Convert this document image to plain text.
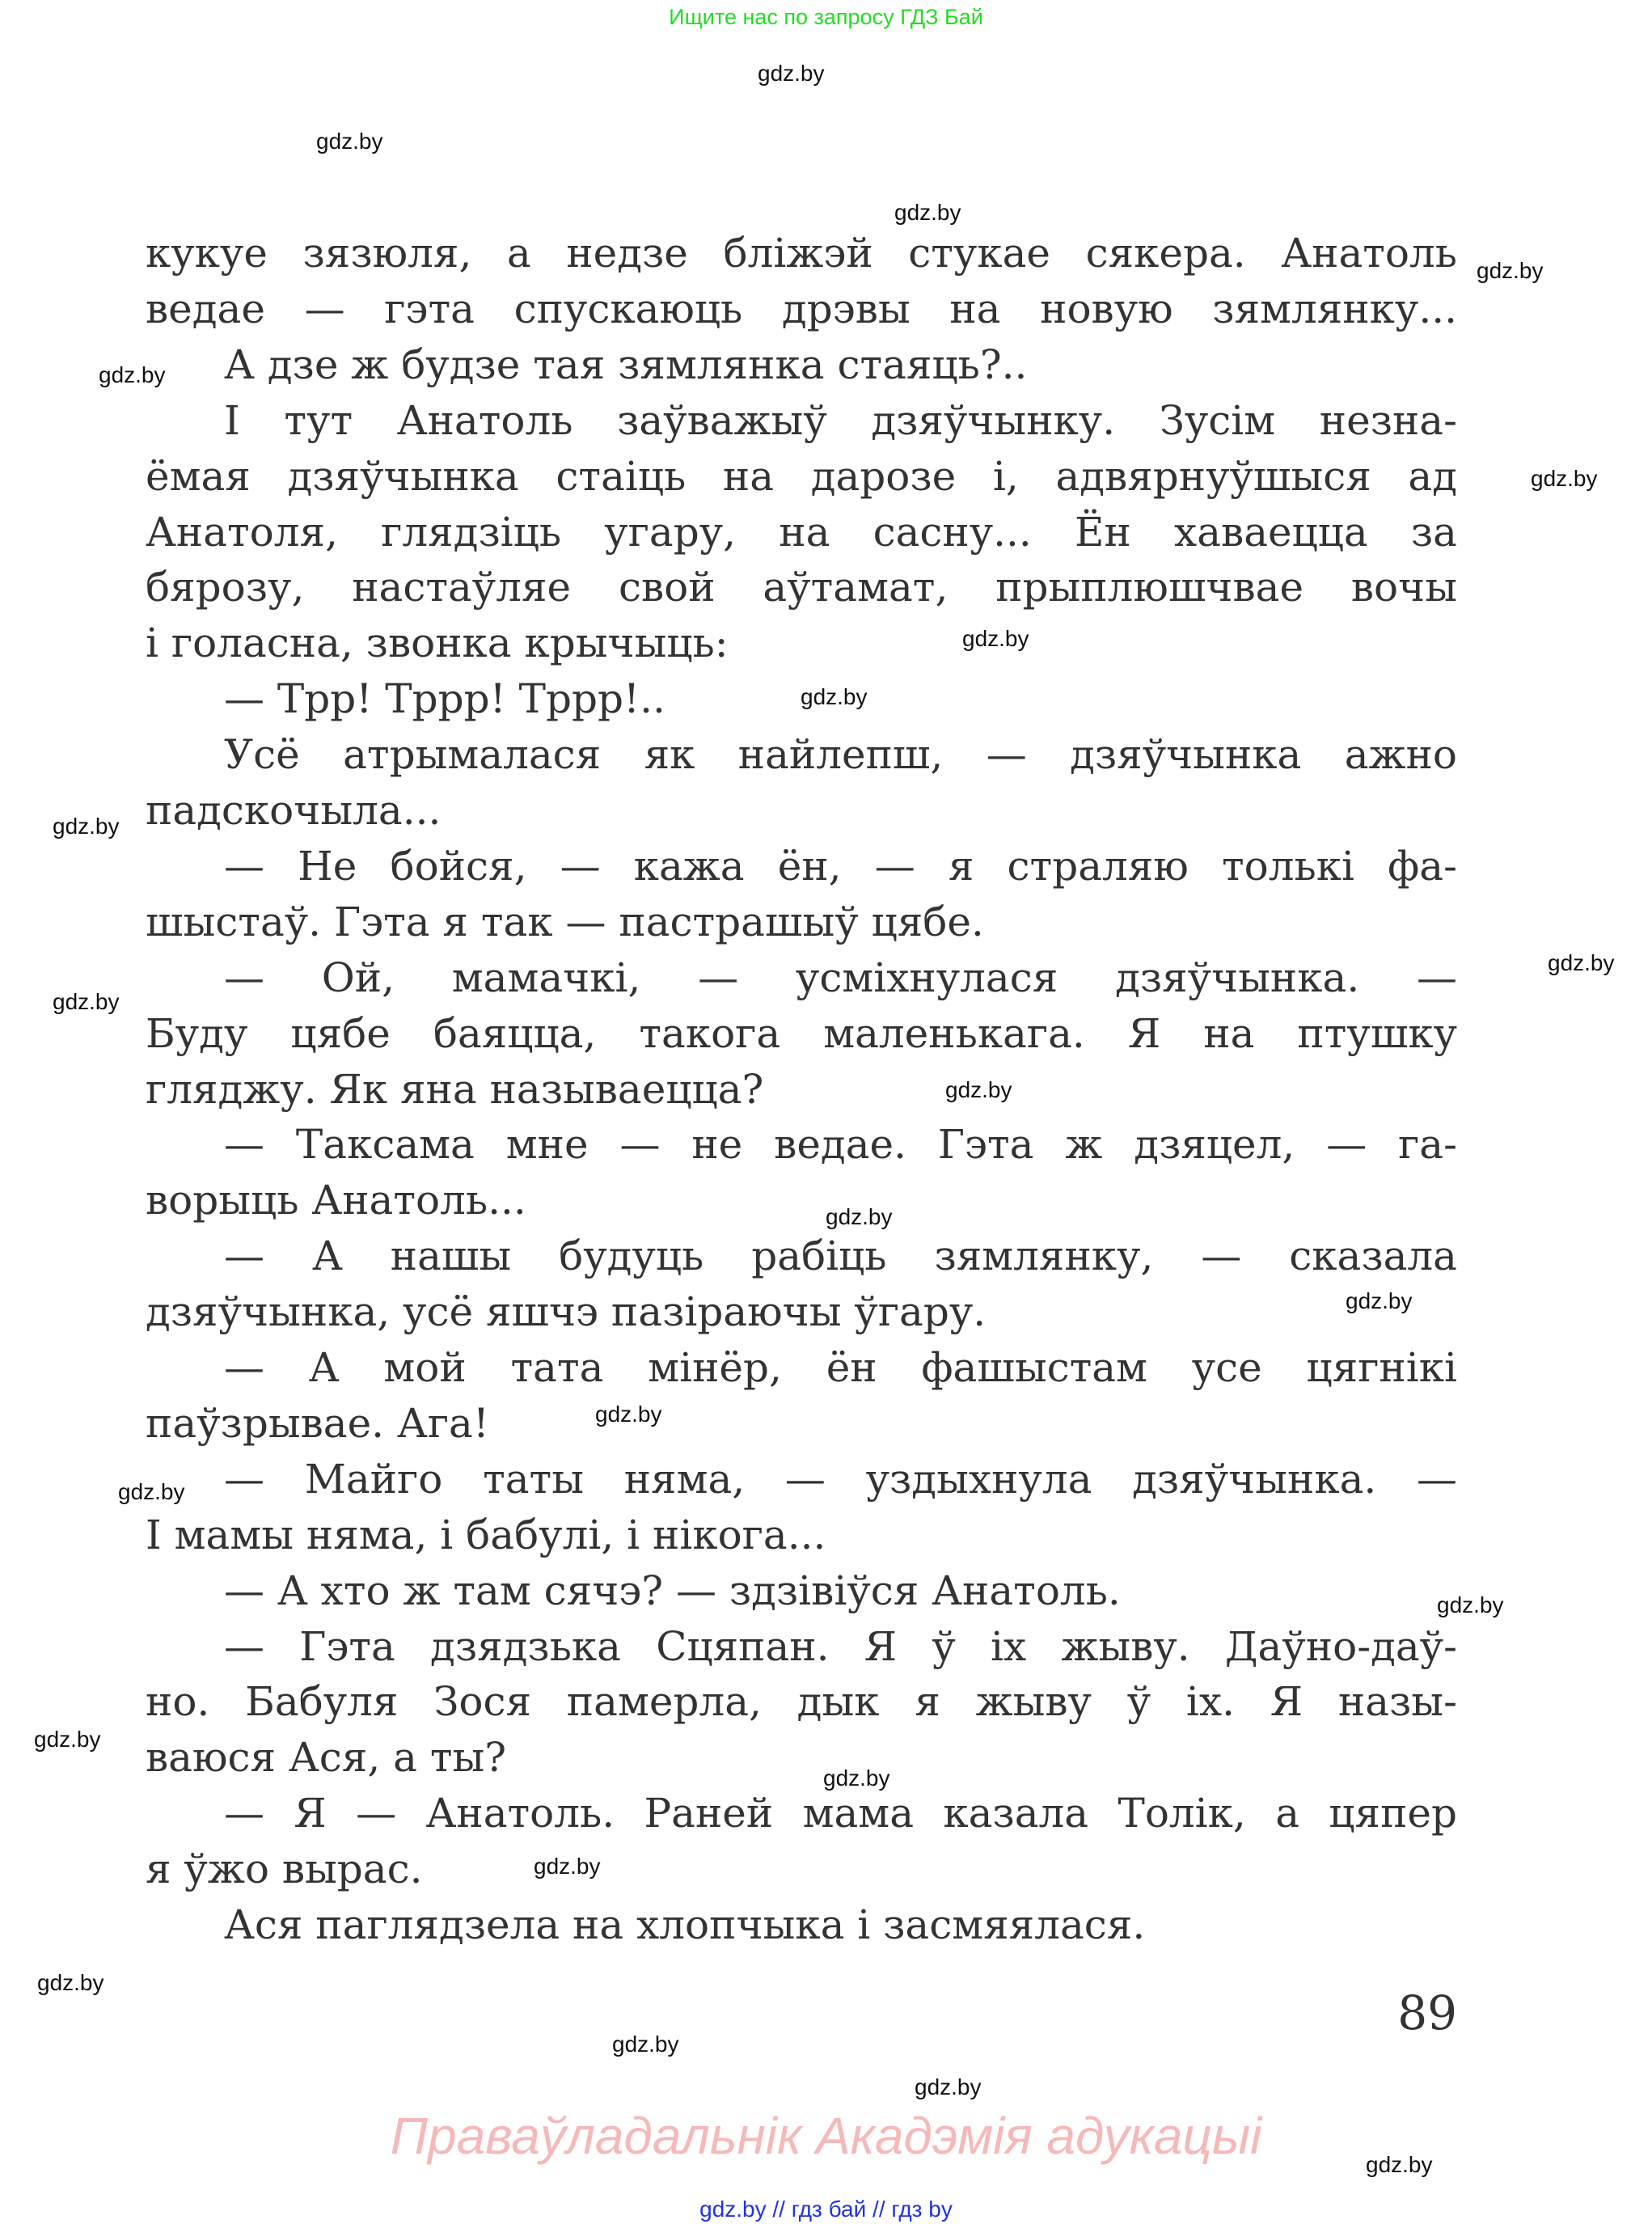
Ищите нас по запросу ГДЗ Бай
кукуе зязюля, а недзе бліжэй стукае сякера. Анатоль
ведае — гэта спускаюць дрэвы на новую зямлянку...
А дзе ж будзе тая зямлянка стаяць?..
І тут Анатоль заўважыў дзяўчынку. Зусім незна-
ёмая дзяўчынка стаіць на дарозе і, адвярнуўшыся ад
Анатоля, глядзіць угару, на сасну... Ён хаваецца за
бярозу, настаўляе свой аўтамат, прыплюшчвае вочы
і голасна, звонка крычыць:
— Трр! Тррр! Тррр!..
Усё атрымалася як найлепш, — дзяўчынка ажно
падскочыла...
— Не бойся, — кажа ён, — я страляю толькі фа-
шыстаў. Гэта я так — пастрашыў цябе.
— Ой, мамачкі, — усміхнулася дзяўчынка. —
Буду цябе баяцца, такога маленькага. Я на птушку
гляджу. Як яна называецца?
— Таксама мне — не ведае. Гэта ж дзяцел, — га-
ворыць Анатоль...
— А нашы будуць рабіць зямлянку, — сказала
дзяўчынка, усё яшчэ пазіраючы ўгару.
— А мой тата мінёр, ён фашыстам усе цягнікі
паўзрывае. Ага!
— Майго таты няма, — уздыхнула дзяўчынка. —
І мамы няма, і бабулі, і нікога...
— А хто ж там сячэ? — здзівіўся Анатоль.
— Гэта дзядзька Сцяпан. Я ў іх жыву. Даўно-даў-
но. Бабуля Зося памерла, дык я жыву ў іх. Я назы-
ваюся Ася, а ты?
— Я — Анатоль. Раней мама казала Толік, а цяпер
я ўжо вырас.
Ася паглядзела на хлопчыка і засмяялася.
gdz.by
gdz.by
gdz.by
gdz.by
gdz.by
gdz.by
gdz.by
gdz.by
gdz.by
gdz.by
gdz.by
gdz.by
gdz.by
gdz.by
gdz.by
gdz.by
gdz.by
gdz.by
gdz.by
gdz.by
gdz.by
gdz.by
gdz.by
gdz.by
89
Праваўладальнік Акадэмія адукацыі
gdz.by // гдз бай // гдз by
